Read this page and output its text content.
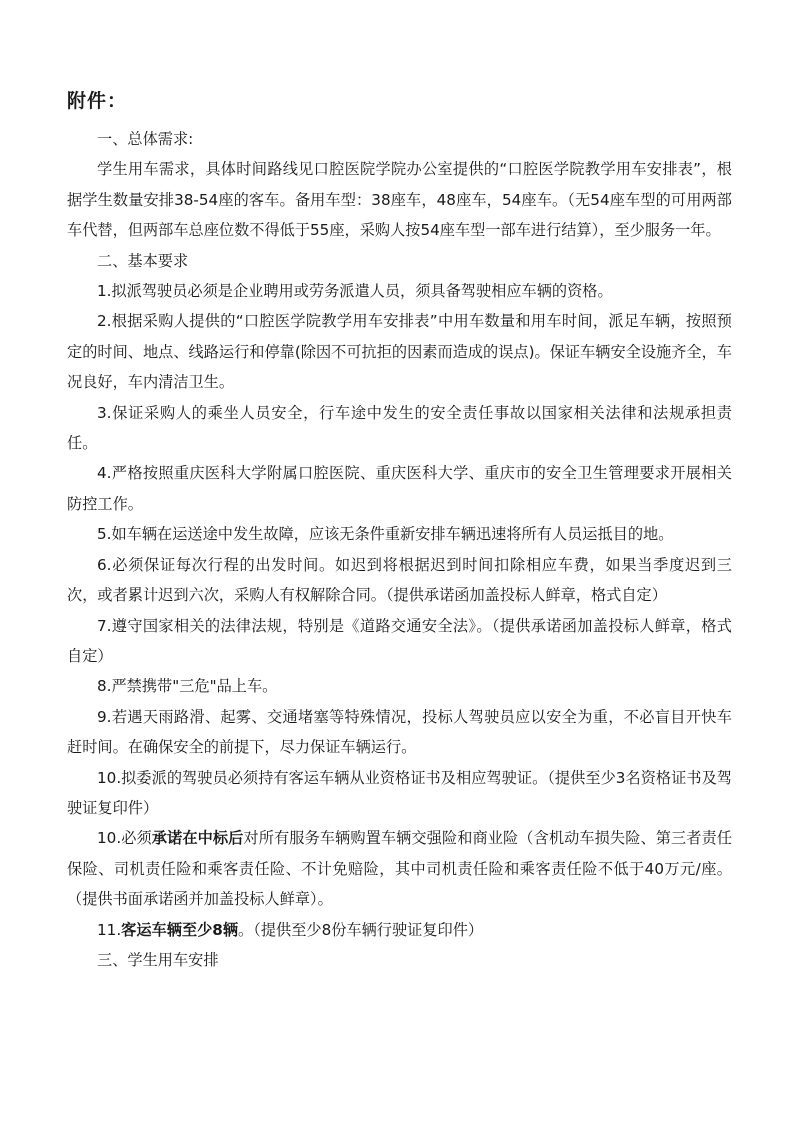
附件：

一、总体需求:

学生用车需求，具体时间路线见口腔医院学院办公室提供的“口腔医学院教学用车安排表”，根据学生数量安排38-54座的客车。备用车型：38座车，48座车，54座车。（无54座车型的可用两部车代替，但两部车总座位数不得低于55座，采购人按54座车型一部车进行结算），至少服务一年。

二、基本要求

1.拟派驾驶员必须是企业聘用或劳务派遣人员，须具备驾驶相应车辆的资格。

2.根据采购人提供的“口腔医学院教学用车安排表”中用车数量和用车时间，派足车辆，按照预定的时间、地点、线路运行和停靠(除因不可抗拒的因素而造成的误点)。保证车辆安全设施齐全，车况良好，车内清洁卫生。

3.保证采购人的乘坐人员安全，行车途中发生的安全责任事故以国家相关法律和法规承担责任。

4.严格按照重庆医科大学附属口腔医院、重庆医科大学、重庆市的安全卫生管理要求开展相关防控工作。

5.如车辆在运送途中发生故障，应该无条件重新安排车辆迅速将所有人员运抵目的地。

6.必须保证每次行程的出发时间。如迟到将根据迟到时间扣除相应车费，如果当季度迟到三次，或者累计迟到六次，采购人有权解除合同。（提供承诺函加盖投标人鲜章，格式自定）

7.遵守国家相关的法律法规，特别是《道路交通安全法》。（提供承诺函加盖投标人鲜章，格式自定）

8.严禁携带"三危"品上车。

9.若遇天雨路滑、起雾、交通堵塞等特殊情况，投标人驾驶员应以安全为重，不必盲目开快车赶时间。在确保安全的前提下，尽力保证车辆运行。

10.拟委派的驾驶员必须持有客运车辆从业资格证书及相应驾驶证。（提供至少3名资格证书及驾驶证复印件）

10.必须承诺在中标后对所有服务车辆购置车辆交强险和商业险（含机动车损失险、第三者责任保险、司机责任险和乘客责任险、不计免赔险，其中司机责任险和乘客责任险不低于40万元/座。（提供书面承诺函并加盖投标人鲜章）。

11.客运车辆至少8辆。（提供至少8份车辆行驶证复印件）

三、学生用车安排
